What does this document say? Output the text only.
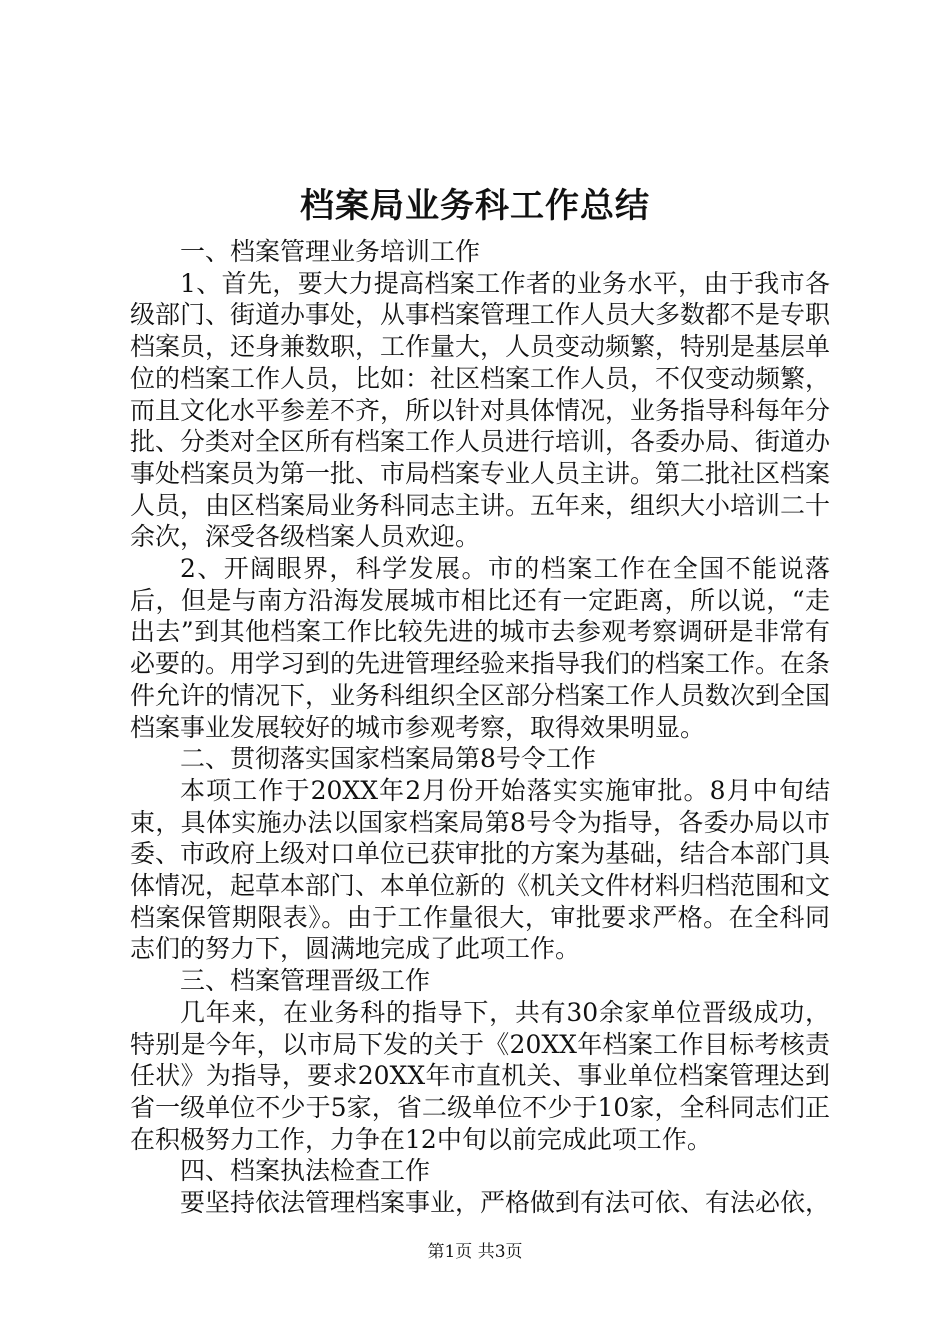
档案局业务科工作总结

一、档案管理业务培训工作

1、首先，要大力提高档案工作者的业务水平，由于我市各级部门、街道办事处，从事档案管理工作人员大多数都不是专职档案员，还身兼数职，工作量大，人员变动频繁，特别是基层单位的档案工作人员，比如：社区档案工作人员，不仅变动频繁，而且文化水平参差不齐，所以针对具体情况，业务指导科每年分批、分类对全区所有档案工作人员进行培训，各委办局、街道办事处档案员为第一批、市局档案专业人员主讲。第二批社区档案人员，由区档案局业务科同志主讲。五年来，组织大小培训二十余次，深受各级档案人员欢迎。

2、开阔眼界，科学发展。市的档案工作在全国不能说落后，但是与南方沿海发展城市相比还有一定距离，所以说，“走出去”到其他档案工作比较先进的城市去参观考察调研是非常有必要的。用学习到的先进管理经验来指导我们的档案工作。在条件允许的情况下，业务科组织全区部分档案工作人员数次到全国档案事业发展较好的城市参观考察，取得效果明显。

二、贯彻落实国家档案局第8号令工作

本项工作于20XX年2月份开始落实实施审批。8月中旬结束，具体实施办法以国家档案局第8号令为指导，各委办局以市委、市政府上级对口单位已获审批的方案为基础，结合本部门具体情况，起草本部门、本单位新的《机关文件材料归档范围和文档案保管期限表》。由于工作量很大，审批要求严格。在全科同志们的努力下，圆满地完成了此项工作。

三、档案管理晋级工作

几年来，在业务科的指导下，共有30余家单位晋级成功，特别是今年，以市局下发的关于《20XX年档案工作目标考核责任状》为指导，要求20XX年市直机关、事业单位档案管理达到省一级单位不少于5家，省二级单位不少于10家，全科同志们正在积极努力工作，力争在12中旬以前完成此项工作。

四、档案执法检查工作

要坚持依法管理档案事业，严格做到有法可依、有法必依，

第1页 共3页
